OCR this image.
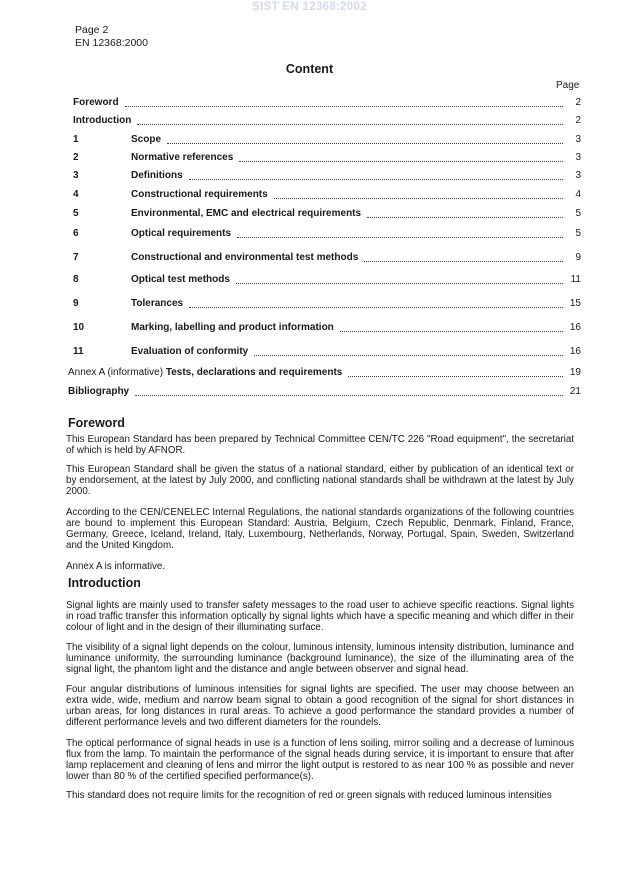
SIST EN 12368:2002
Page 2
EN 12368:2000
Content
Page
Foreword	2
Introduction	2
1	Scope	3
2	Normative references	3
3	Definitions	3
4	Constructional requirements	4
5	Environmental, EMC and electrical requirements	5
6	Optical requirements	5
7	Constructional and environmental test methods	9
8	Optical test methods	11
9	Tolerances	15
10	Marking, labelling and product information	16
11	Evaluation of conformity	16
Annex A (informative) Tests, declarations and requirements	19
Bibliography	21
Foreword

This European Standard has been prepared by Technical Committee CEN/TC 226 "Road equipment", the secretariat of which is held by AFNOR.

This European Standard shall be given the status of a national standard, either by publication of an identical text or by endorsement, at the latest by July 2000, and conflicting national standards shall be withdrawn at the latest by July 2000.

According to the CEN/CENELEC Internal Regulations, the national standards organizations of the following countries are bound to implement this European Standard: Austria, Belgium, Czech Republic, Denmark, Finland, France, Germany, Greece, Iceland, Ireland, Italy, Luxembourg, Netherlands, Norway, Portugal, Spain, Sweden, Switzerland and the United Kingdom.

Annex A is informative.

Introduction

Signal lights are mainly used to transfer safety messages to the road user to achieve specific reactions. Signal lights in road traffic transfer this information optically by signal lights which have a specific meaning and which differ in their colour of light and in the design of their illuminating surface.

The visibility of a signal light depends on the colour, luminous intensity, luminous intensity distribution, luminance and luminance uniformity, the surrounding luminance (background luminance), the size of the illuminating area of the signal light, the phantom light and the distance and angle between observer and signal head.

Four angular distributions of luminous intensities for signal lights are specified. The user may choose between an extra wide, wide, medium and narrow beam signal to obtain a good recognition of the signal for short distances in urban areas, for long distances in rural areas. To achieve a good performance the standard provides a number of different performance levels and two different diameters for the roundels.

The optical performance of signal heads in use is a function of lens soiling, mirror soiling and a decrease of luminous flux from the lamp. To maintain the performance of the signal heads during service, it is important to ensure that after lamp replacement and cleaning of lens and mirror the light output is restored to as near 100 % as possible and never lower than 80 % of the certified specified performance(s).

This standard does not require limits for the recognition of red or green signals with reduced luminous intensities
